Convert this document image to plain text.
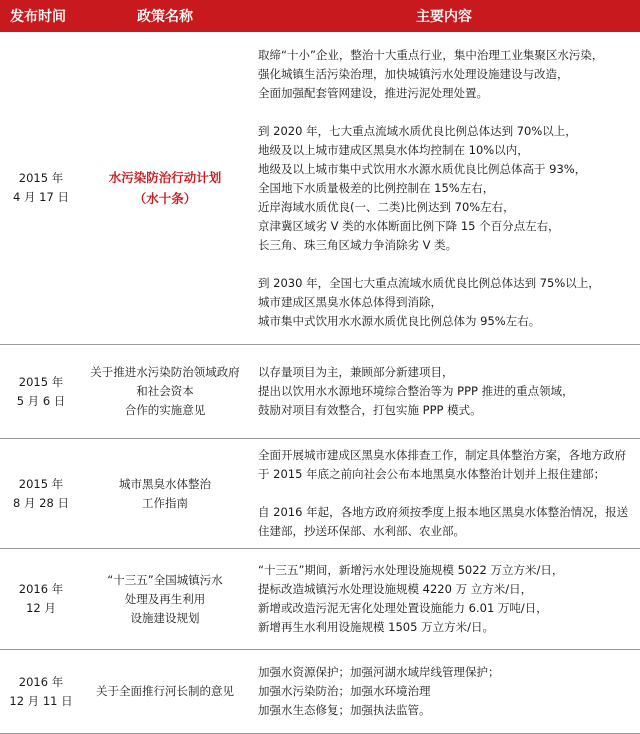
发布时间	政策名称	主要内容
2015 年
4 月 17 日
水污染防治行动计划
（水十条）

取缔“十小”企业，整治十大重点行业，集中治理工业集聚区水污染，
强化城镇生活污染治理，加快城镇污水处理设施建设与改造，
全面加强配套管网建设，推进污泥处理处置。

到 2020 年，七大重点流域水质优良比例总体达到 70%以上，
地级及以上城市建成区黑臭水体均控制在 10%以内，
地级及以上城市集中式饮用水水源水质优良比例总体高于 93%，
全国地下水质量极差的比例控制在 15%左右，
近岸海域水质优良(一、二类)比例达到 70%左右，
京津冀区域劣 V 类的水体断面比例下降 15 个百分点左右，
长三角、珠三角区域力争消除劣 V 类。

到 2030 年，全国七大重点流域水质优良比例总体达到 75%以上，
城市建成区黑臭水体总体得到消除，
城市集中式饮用水水源水质优良比例总体为 95%左右。

2015 年
5 月 6 日
关于推进水污染防治领域政府
和社会资本
合作的实施意见

以存量项目为主，兼顾部分新建项目，
提出以饮用水水源地环境综合整治等为 PPP 推进的重点领域，
鼓励对项目有效整合，打包实施 PPP 模式。

2015 年
8 月 28 日
城市黑臭水体整治
工作指南

全面开展城市建成区黑臭水体排查工作，制定具体整治方案，各地方政府
于 2015 年底之前向社会公布本地黑臭水体整治计划并上报住建部；

自 2016 年起，各地方政府须按季度上报本地区黑臭水体整治情况，报送
住建部，抄送环保部、水利部、农业部。

2016 年
12 月
“十三五”全国城镇污水
处理及再生利用
设施建设规划

“十三五”期间，新增污水处理设施规模 5022 万立方米/日，
提标改造城镇污水处理设施规模 4220 万 立方米/日，
新增或改造污泥无害化处理处置设施能力 6.01 万吨/日，
新增再生水利用设施规模 1505 万立方米/日。

2016 年
12 月 11 日
关于全面推行河长制的意见

加强水资源保护；加强河湖水域岸线管理保护；
加强水污染防治；加强水环境治理
加强水生态修复；加强执法监管。
